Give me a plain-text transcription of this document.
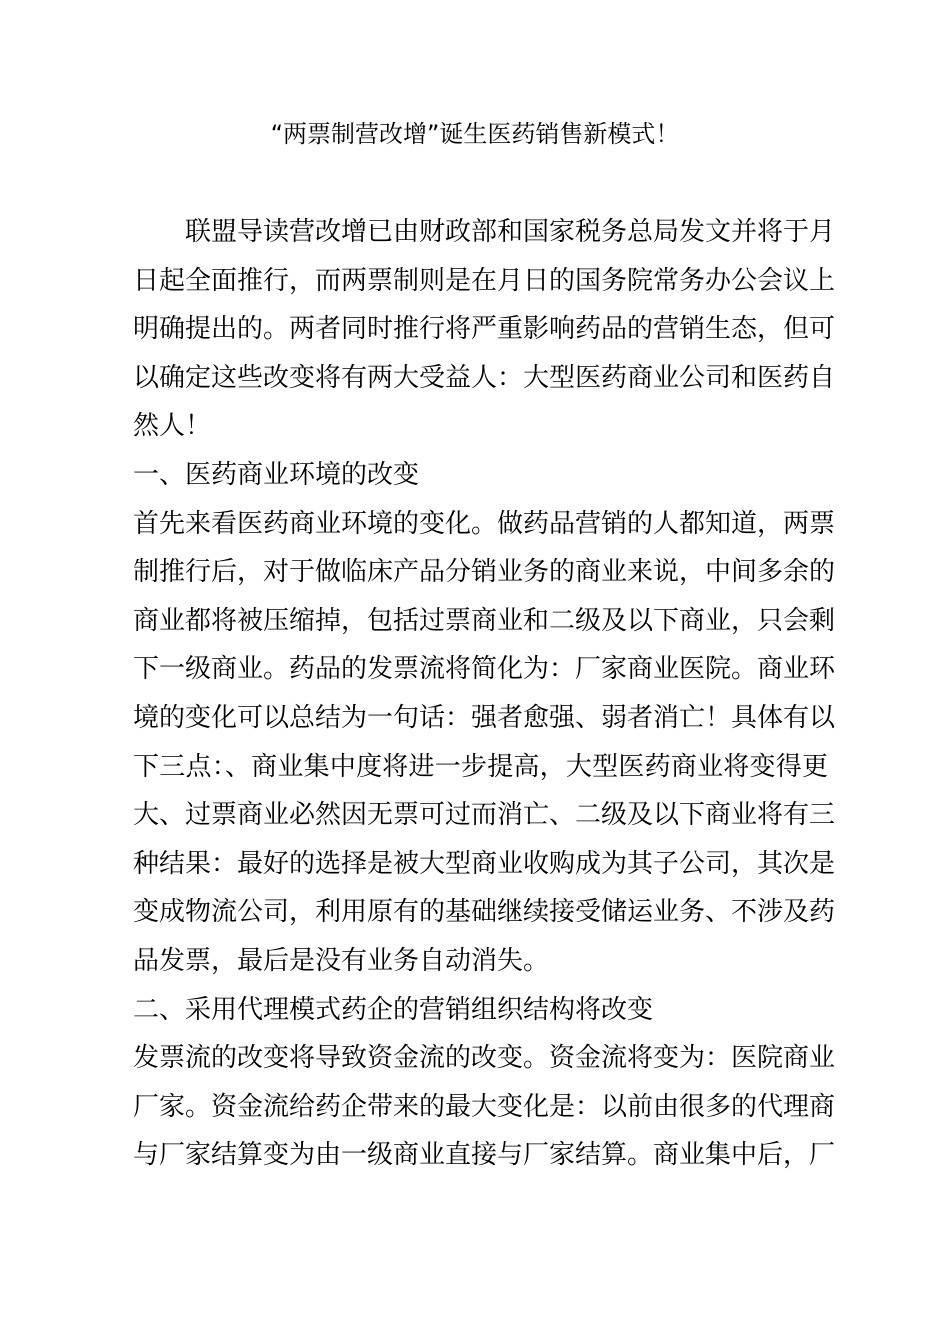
“两票制营改增”诞生医药销售新模式！
联盟导读营改增已由财政部和国家税务总局发文并将于月
日起全面推行，而两票制则是在月日的国务院常务办公会议上
明确提出的。两者同时推行将严重影响药品的营销生态，但可
以确定这些改变将有两大受益人：大型医药商业公司和医药自
然人！
一、医药商业环境的改变
首先来看医药商业环境的变化。做药品营销的人都知道，两票
制推行后，对于做临床产品分销业务的商业来说，中间多余的
商业都将被压缩掉，包括过票商业和二级及以下商业，只会剩
下一级商业。药品的发票流将简化为：厂家商业医院。商业环
境的变化可以总结为一句话：强者愈强、弱者消亡！具体有以
下三点：、商业集中度将进一步提高，大型医药商业将变得更
大、过票商业必然因无票可过而消亡、二级及以下商业将有三
种结果：最好的选择是被大型商业收购成为其子公司，其次是
变成物流公司，利用原有的基础继续接受储运业务、不涉及药
品发票，最后是没有业务自动消失。
二、采用代理模式药企的营销组织结构将改变
发票流的改变将导致资金流的改变。资金流将变为：医院商业
厂家。资金流给药企带来的最大变化是：以前由很多的代理商
与厂家结算变为由一级商业直接与厂家结算。商业集中后，厂
